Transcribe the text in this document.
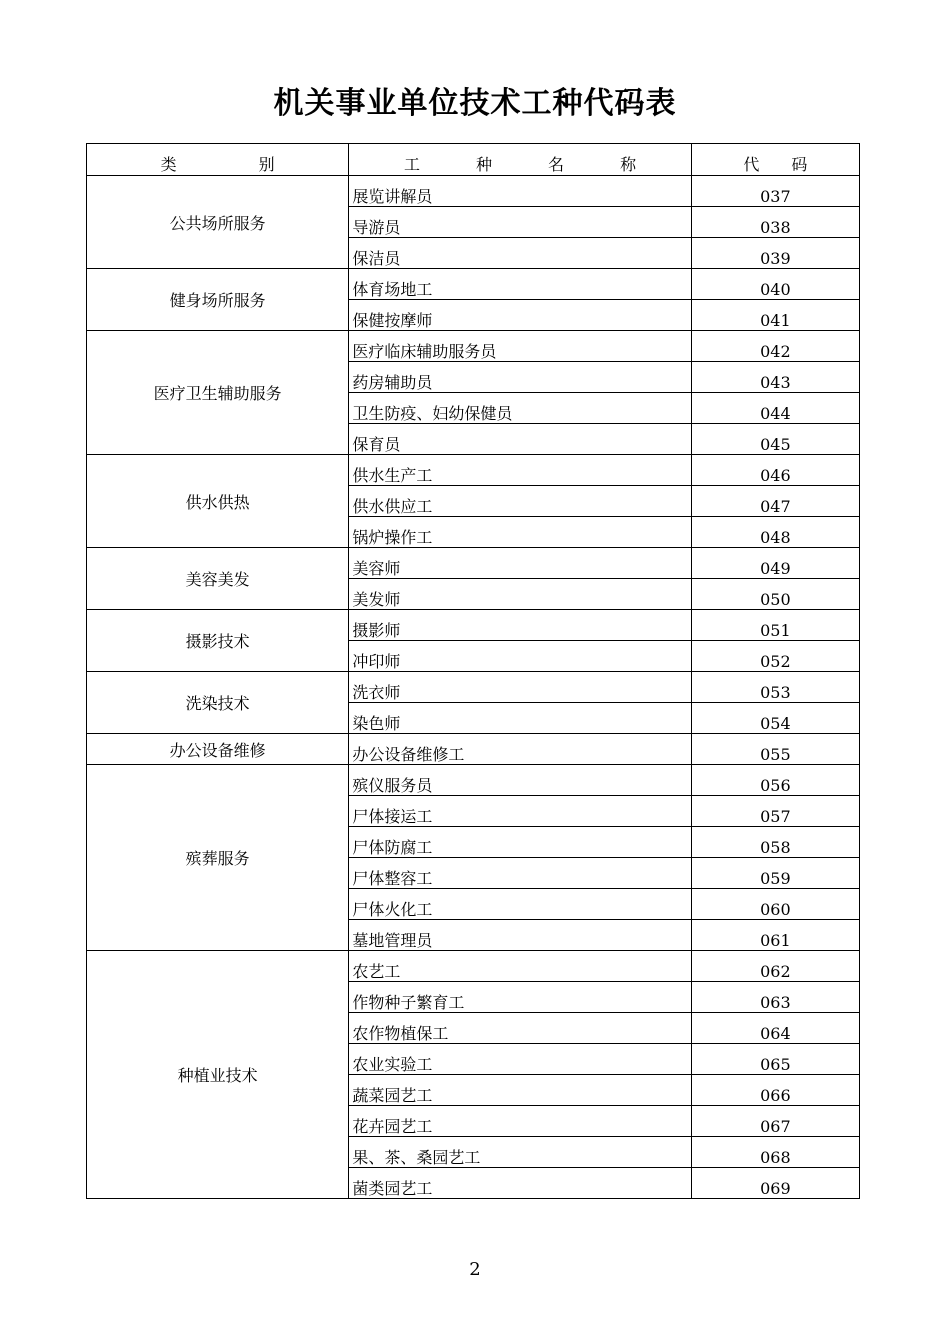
机关事业单位技术工种代码表
类 别	工 种 名 称	代 码
公共场所服务	展览讲解员	037
	导游员	038
	保洁员	039
健身场所服务	体育场地工	040
	保健按摩师	041
医疗卫生辅助服务	医疗临床辅助服务员	042
	药房辅助员	043
	卫生防疫、妇幼保健员	044
	保育员	045
供水供热	供水生产工	046
	供水供应工	047
	锅炉操作工	048
美容美发	美容师	049
	美发师	050
摄影技术	摄影师	051
	冲印师	052
洗染技术	洗衣师	053
	染色师	054
办公设备维修	办公设备维修工	055
殡葬服务	殡仪服务员	056
	尸体接运工	057
	尸体防腐工	058
	尸体整容工	059
	尸体火化工	060
	墓地管理员	061
种植业技术	农艺工	062
	作物种子繁育工	063
	农作物植保工	064
	农业实验工	065
	蔬菜园艺工	066
	花卉园艺工	067
	果、茶、桑园艺工	068
	菌类园艺工	069
2
